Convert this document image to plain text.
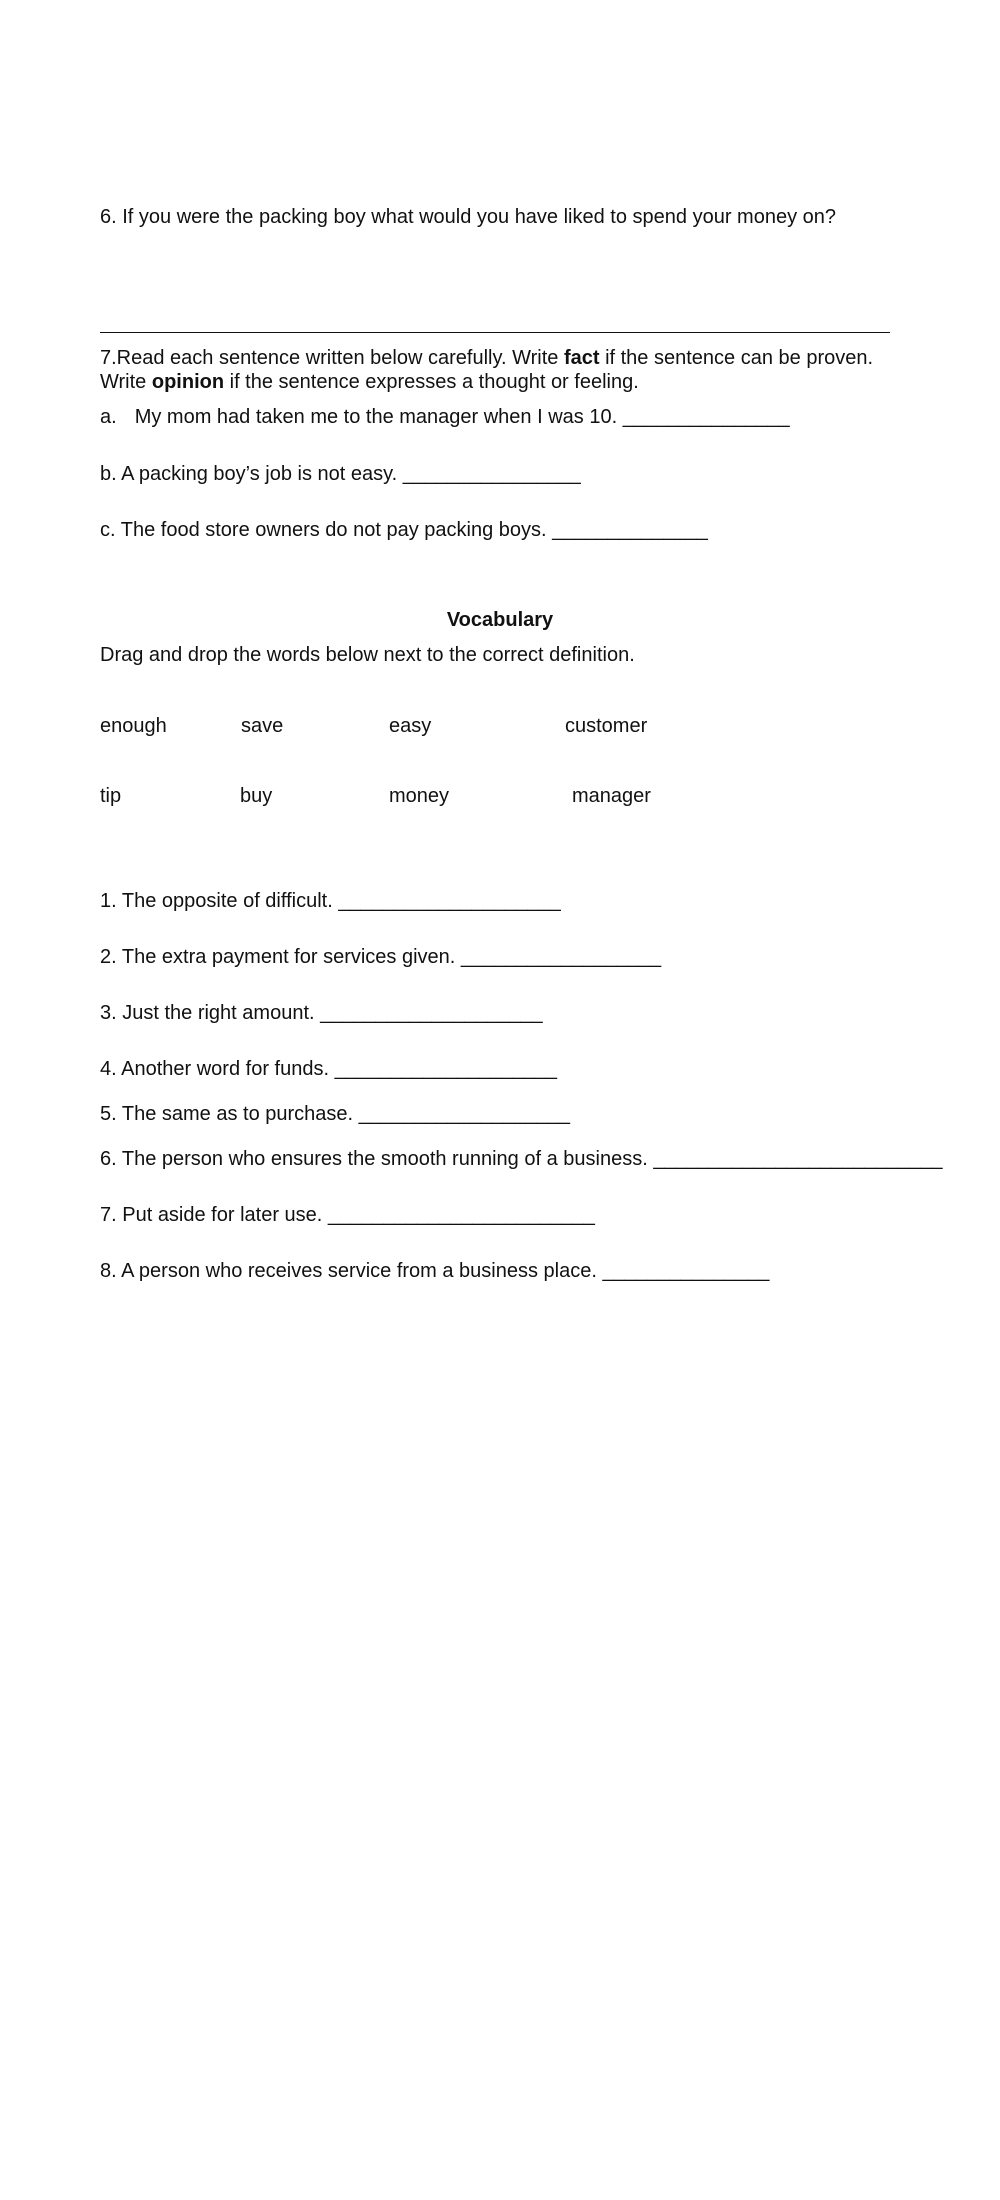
6. If you were the packing boy what would you have liked to spend your money on?
7.Read each sentence written below carefully. Write fact if the sentence can be proven.
Write opinion if the sentence expresses a thought or feeling.
a. My mom had taken me to the manager when I was 10. _______________
b. A packing boy’s job is not easy. ________________
c. The food store owners do not pay packing boys. ______________
Vocabulary
Drag and drop the words below next to the correct definition.
enough	save	easy	customer
tip	buy	money	manager
1. The opposite of difficult. ____________________
2. The extra payment for services given. __________________
3. Just the right amount. ____________________
4. Another word for funds. ____________________
5. The same as to purchase. ___________________
6. The person who ensures the smooth running of a business. __________________________
7. Put aside for later use. ________________________
8. A person who receives service from a business place. _______________
